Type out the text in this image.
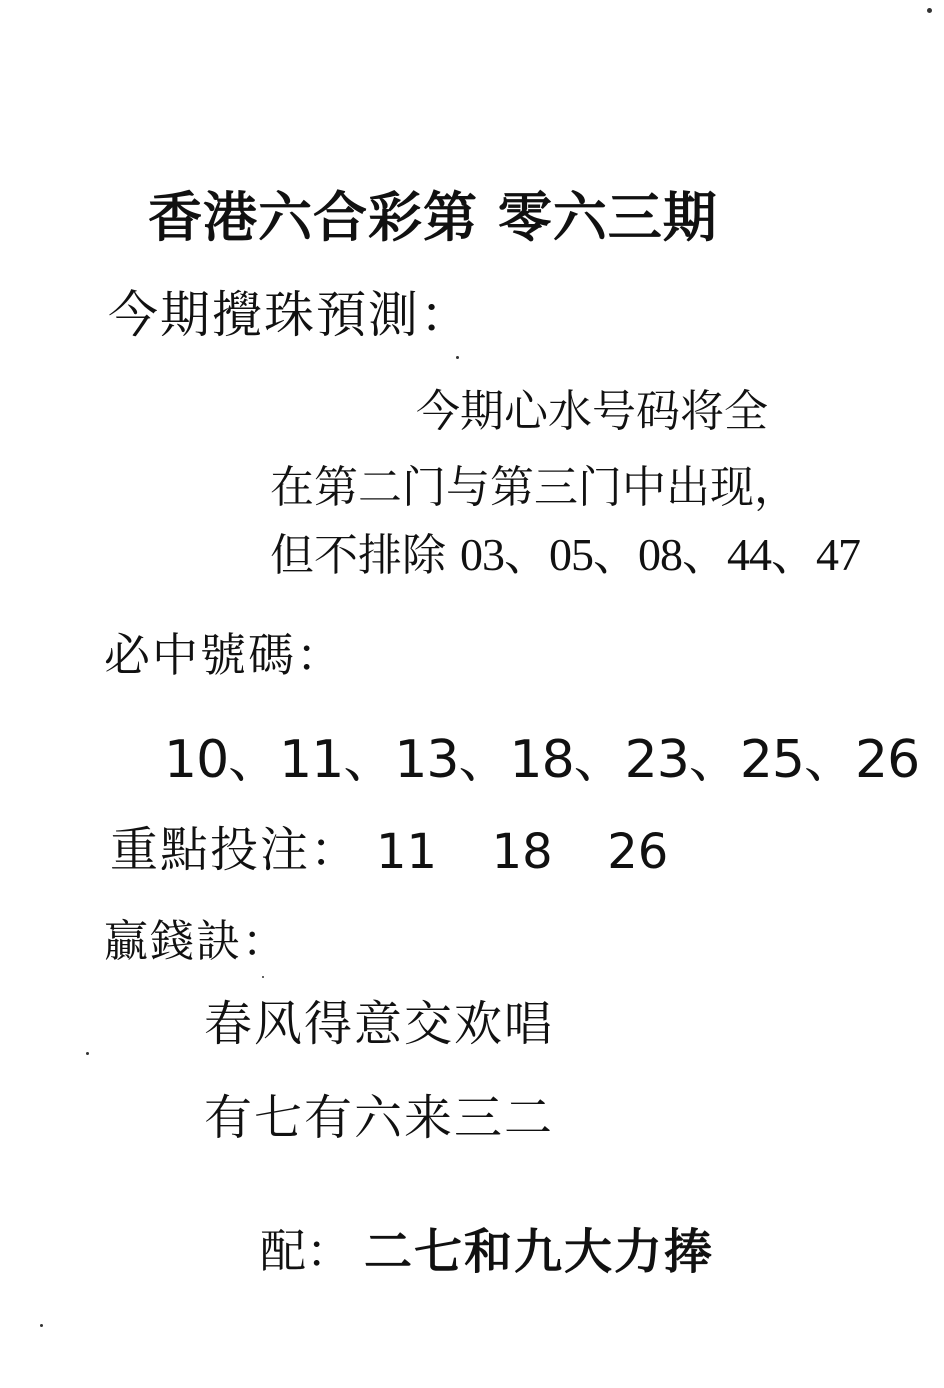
香港六合彩第 零六三期
今期攪珠預測：
今期心水号码将全
在第二门与第三门中出现，
但不排除 03、05、08、44、47
必中號碼：
10、11、13、18、23、25、26
重點投注： 11  18  26
贏錢訣：
春风得意交欢唱
有七有六来三二
配： 二七和九大力捧
